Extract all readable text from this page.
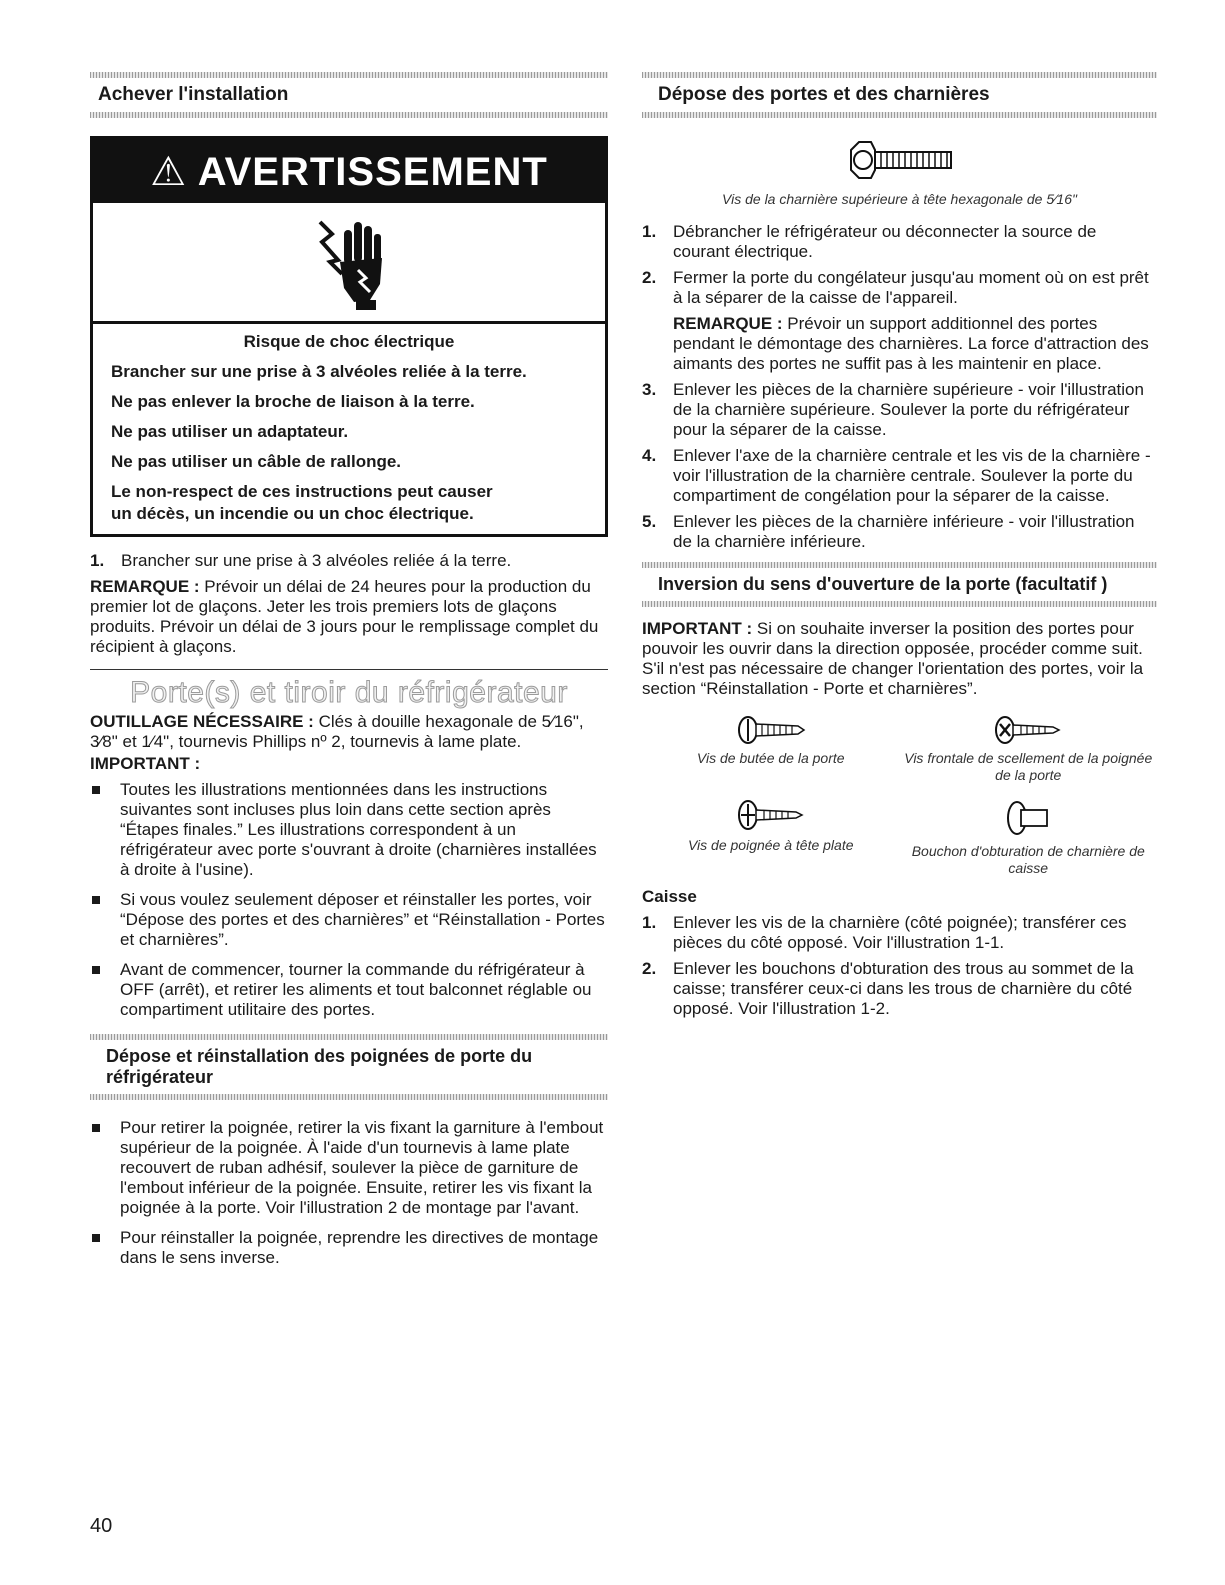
Achever l'installation
⚠ AVERTISSEMENT

Risque de choc électrique

Brancher sur une prise à 3 alvéoles reliée à la terre.

Ne pas enlever la broche de liaison à la terre.

Ne pas utiliser un adaptateur.

Ne pas utiliser un câble de rallonge.

Le non-respect de ces instructions peut causer

un décès, un incendie ou un choc électrique.

1. Brancher sur une prise à 3 alvéoles reliée á la terre.

REMARQUE : Prévoir un délai de 24 heures pour la production du premier lot de glaçons. Jeter les trois premiers lots de glaçons produits. Prévoir un délai de 3 jours pour le remplissage complet du récipient à glaçons.

Porte(s) et tiroir du réfrigérateur

OUTILLAGE NÉCESSAIRE : Clés à douille hexagonale de 5⁄16", 3⁄8" et 1⁄4", tournevis Phillips nº 2, tournevis à lame plate.

IMPORTANT :

Toutes les illustrations mentionnées dans les instructions suivantes sont incluses plus loin dans cette section après “Étapes finales.” Les illustrations correspondent à un réfrigérateur avec porte s'ouvrant à droite (charnières installées à droite à l'usine).
Si vous voulez seulement déposer et réinstaller les portes, voir “Dépose des portes et des charnières” et “Réinstallation - Portes et charnières”.
Avant de commencer, tourner la commande du réfrigérateur à OFF (arrêt), et retirer les aliments et tout balconnet réglable ou compartiment utilitaire des portes.
Dépose et réinstallation des poignées de porte du réfrigérateur
Pour retirer la poignée, retirer la vis fixant la garniture à l'embout supérieur de la poignée. À l'aide d'un tournevis à lame plate recouvert de ruban adhésif, soulever la pièce de garniture de l'embout inférieur de la poignée. Ensuite, retirer les vis fixant la poignée à la porte. Voir l'illustration 2 de montage par l'avant.
Pour réinstaller la poignée, reprendre les directives de montage dans le sens inverse.
Dépose des portes et des charnières
Vis de la charnière supérieure à tête hexagonale de 5⁄16"
1. Débrancher le réfrigérateur ou déconnecter la source de courant électrique.
2. Fermer la porte du congélateur jusqu'au moment où on est prêt à la séparer de la caisse de l'appareil.
REMARQUE : Prévoir un support additionnel des portes pendant le démontage des charnières. La force d'attraction des aimants des portes ne suffit pas à les maintenir en place.
3. Enlever les pièces de la charnière supérieure - voir l'illustration de la charnière supérieure. Soulever la porte du réfrigérateur pour la séparer de la caisse.
4. Enlever l'axe de la charnière centrale et les vis de la charnière - voir l'illustration de la charnière centrale. Soulever la porte du compartiment de congélation pour la séparer de la caisse.
5. Enlever les pièces de la charnière inférieure - voir l'illustration de la charnière inférieure.
Inversion du sens d'ouverture de la porte (facultatif )

IMPORTANT : Si on souhaite inverser la position des portes pour pouvoir les ouvrir dans la direction opposée, procéder comme suit. S'il n'est pas nécessaire de changer l'orientation des portes, voir la section “Réinstallation - Porte et charnières”.

Vis de butée de la porte	Vis frontale de scellement de la poignée de la porte
Vis de poignée à tête plate	Bouchon d'obturation de charnière de caisse

Caisse

1. Enlever les vis de la charnière (côté poignée); transférer ces pièces du côté opposé. Voir l'illustration 1-1.
2. Enlever les bouchons d'obturation des trous au sommet de la caisse; transférer ceux-ci dans les trous de charnière du côté opposé. Voir l'illustration 1-2.
40
